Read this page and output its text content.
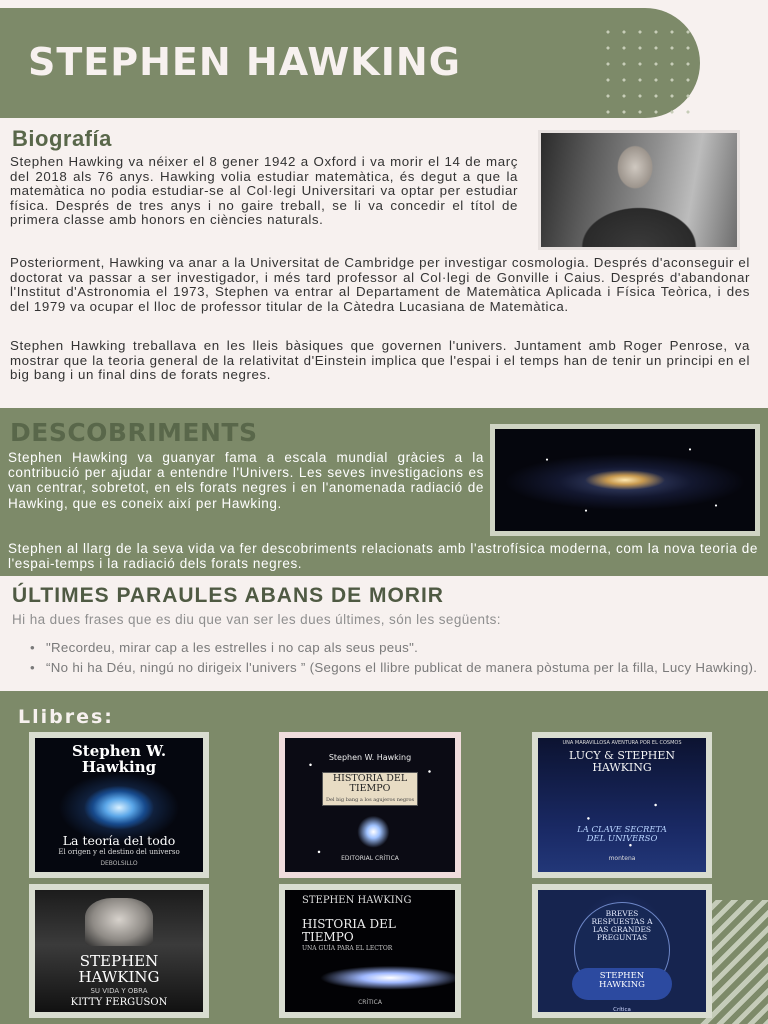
STEPHEN HAWKING
Biografía

Stephen Hawking va néixer el 8 gener 1942 a Oxford i va morir el 14 de març del 2018 als 76 anys. Hawking volia estudiar matemàtica, és degut a que la matemàtica no podia estudiar-se al Col·legi Universitari va optar per estudiar física. Després de tres anys i no gaire treball, se li va concedir el títol de primera classe amb honors en ciències naturals.

Posteriorment, Hawking va anar a la Universitat de Cambridge per investigar cosmologia. Després d'aconseguir el doctorat va passar a ser investigador, i més tard professor al Col·legi de Gonville i Caius. Després d'abandonar l'Institut d'Astronomia el 1973, Stephen va entrar al Departament de Matemàtica Aplicada i Física Teòrica, i des del 1979 va ocupar el lloc de professor titular de la Càtedra Lucasiana de Matemàtica.

Stephen Hawking treballava en les lleis bàsiques que governen l'univers. Juntament amb Roger Penrose, va mostrar que la teoria general de la relativitat d'Einstein implica que l'espai i el temps han de tenir un principi en el big bang i un final dins de forats negres.

DESCOBRIMENTS

Stephen Hawking va guanyar fama a escala mundial gràcies a la contribució per ajudar a entendre l'Univers. Les seves investigacions es van centrar, sobretot, en els forats negres i en l'anomenada radiació de Hawking, que es coneix així per Hawking.

Stephen al llarg de la seva vida va fer descobriments relacionats amb l'astrofísica moderna, com la nova teoria de l'espai-temps i la radiació dels forats negres.

ÚLTIMES PARAULES ABANS DE MORIR

Hi ha dues frases que es diu que van ser les dues últimes, són les següents:

• "Recordeu, mirar cap a les estrelles i no cap als seus peus".
• “No hi ha Déu, ningú no dirigeix l'univers ” (Segons el llibre publicat de manera pòstuma per la filla, Lucy Hawking).
Llibres:
Stephen W. Hawking
La teoría del todo
El origen y el destino del universo
DEBOLSILLO
Stephen W. Hawking
HISTORIA DEL TIEMPO
Del big bang a los agujeros negros
EDITORIAL CRÍTICA
UNA MARAVILLOSA AVENTURA POR EL COSMOS
LUCY & STEPHEN HAWKING
LA CLAVE SECRETA DEL UNIVERSO
montena
STEPHEN HAWKING
SU VIDA Y OBRA
KITTY FERGUSON
STEPHEN HAWKING
HISTORIA DEL TIEMPO
UNA GUÍA PARA EL LECTOR
CRÍTICA
BREVES RESPUESTAS A LAS GRANDES PREGUNTAS
STEPHEN HAWKING
Crítica
